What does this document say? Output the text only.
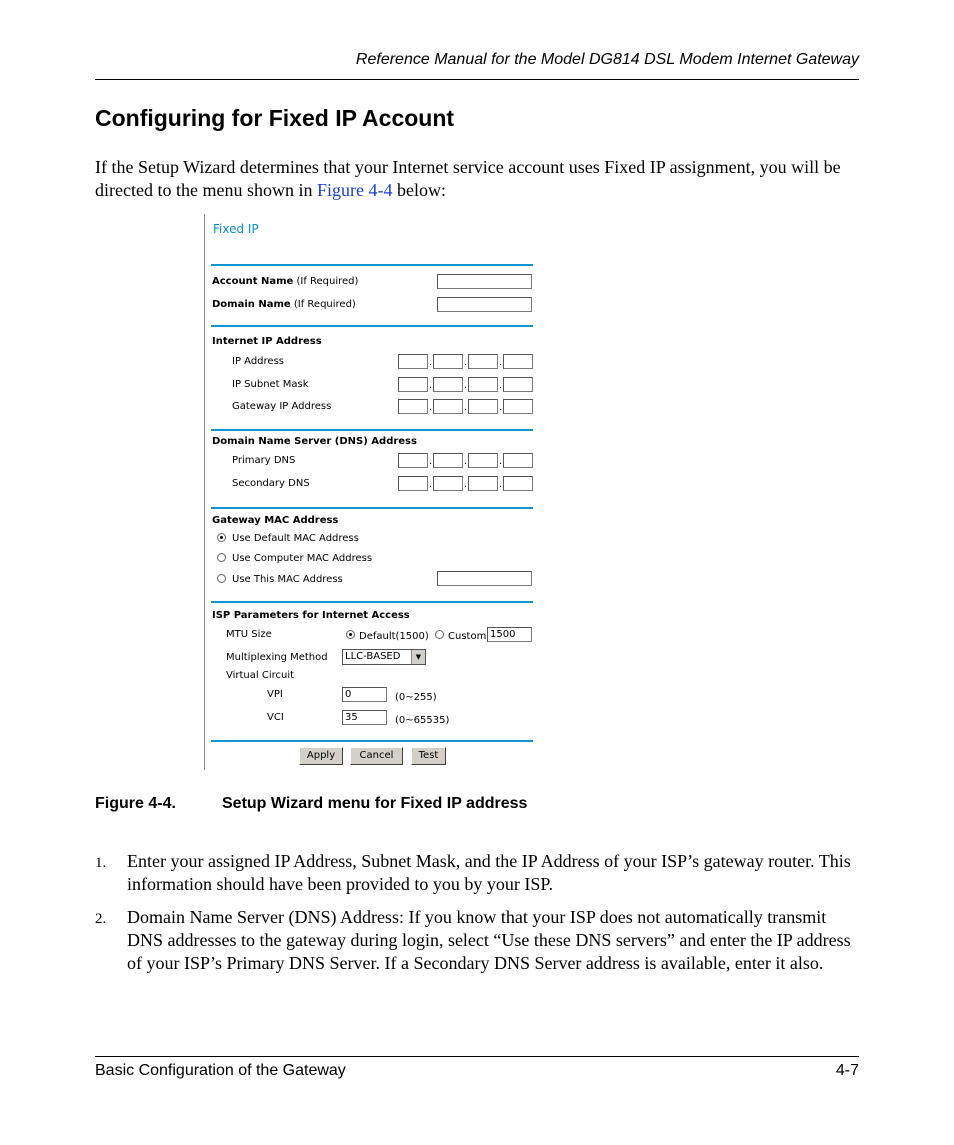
Reference Manual for the Model DG814 DSL Modem Internet Gateway
Configuring for Fixed IP Account
If the Setup Wizard determines that your Internet service account uses Fixed IP assignment, you will be directed to the menu shown in Figure 4-4 below:
Fixed IP
Account Name (If Required)
Domain Name (If Required)
Internet IP Address
IP Address	.	.	.
IP Subnet Mask	.	.	.
Gateway IP Address	.	.	.
Domain Name Server (DNS) Address
Primary DNS	.	.	.
Secondary DNS	.	.	.
Gateway MAC Address
Use Default MAC Address
Use Computer MAC Address
Use This MAC Address
ISP Parameters for Internet Access
MTU Size	Default(1500) Custom 1500
Multiplexing Method	LLC-BASED	▼
Virtual Circuit
VPI	0	(0~255)
VCI	35	(0~65535)
Apply	Cancel	Test
Figure 4-4.	Setup Wizard menu for Fixed IP address
1. Enter your assigned IP Address, Subnet Mask, and the IP Address of your ISP’s gateway router. This information should have been provided to you by your ISP.
2. Domain Name Server (DNS) Address: If you know that your ISP does not automatically transmit DNS addresses to the gateway during login, select “Use these DNS servers” and enter the IP address of your ISP’s Primary DNS Server. If a Secondary DNS Server address is available, enter it also.
Basic Configuration of the Gateway	4-7
